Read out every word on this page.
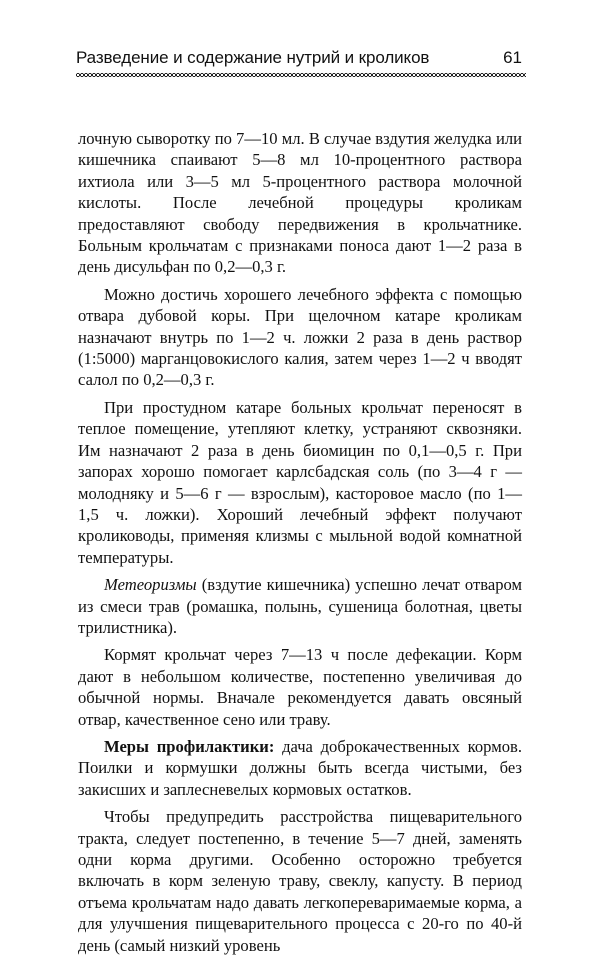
Разведение и содержание нутрий и кроликов	61

лочную сыворотку по 7—10 мл. В случае вздутия желудка или кишечника спаивают 5—8 мл 10-процентного раствора ихтиола или 3—5 мл 5-процентного раствора молочной кислоты. После лечебной процедуры кроликам предоставляют свободу передвижения в крольчатнике. Больным крольчатам с признаками поноса дают 1—2 раза в день дисульфан по 0,2—0,3 г.

Можно достичь хорошего лечебного эффекта с помощью отвара дубовой коры. При щелочном катаре кроликам назначают внутрь по 1—2 ч. ложки 2 раза в день раствор (1:5000) марганцовокислого калия, затем через 1—2 ч вводят салол по 0,2—0,3 г.

При простудном катаре больных крольчат переносят в теплое помещение, утепляют клетку, устраняют сквозняки. Им назначают 2 раза в день биомицин по 0,1—0,5 г. При запорах хорошо помогает карлсбадская соль (по 3—4 г — молодняку и 5—6 г — взрослым), касторовое масло (по 1—1,5 ч. ложки). Хороший лечебный эффект получают кролиководы, применяя клизмы с мыльной водой комнатной температуры.

Метеоризмы (вздутие кишечника) успешно лечат отваром из смеси трав (ромашка, полынь, сушеница болотная, цветы трилистника).

Кормят крольчат через 7—13 ч после дефекации. Корм дают в небольшом количестве, постепенно увеличивая до обычной нормы. Вначале рекомендуется давать овсяный отвар, качественное сено или траву.

Меры профилактики: дача доброкачественных кормов. Поилки и кормушки должны быть всегда чистыми, без закисших и заплесневелых кормовых остатков.

Чтобы предупредить расстройства пищеварительного тракта, следует постепенно, в течение 5—7 дней, заменять одни корма другими. Особенно осторожно требуется включать в корм зеленую траву, свеклу, капусту. В период отъема крольчатам надо давать легкопереваримаемые корма, а для улучшения пищеварительного процесса с 20-го по 40-й день (самый низкий уровень
